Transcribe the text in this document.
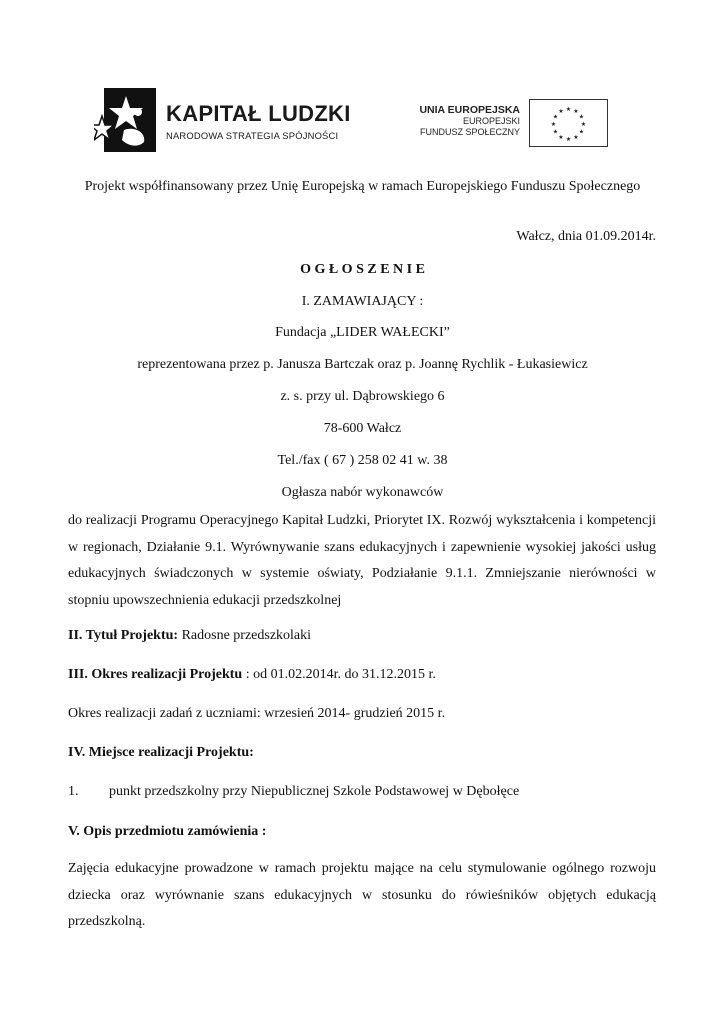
KAPITAŁ LUDZKI
NARODOWA STRATEGIA SPÓJNOŚCI
UNIA EUROPEJSKA
EUROPEJSKI
FUNDUSZ SPOŁECZNY
★ ★
★
★
★
★
★
★
★
★
★
★
Projekt współfinansowany przez Unię Europejską w ramach Europejskiego Funduszu Społecznego
Wałcz, dnia 01.09.2014r.
O G Ł O S Z E N I E
I. ZAMAWIAJĄCY :
Fundacja „LIDER WAŁECKI”
reprezentowana przez p. Janusza Bartczak oraz p. Joannę Rychlik - Łukasiewicz
z. s. przy ul. Dąbrowskiego 6
78-600 Wałcz
Tel./fax ( 67 ) 258 02 41 w. 38
Ogłasza nabór wykonawców
do realizacji Programu Operacyjnego Kapitał Ludzki, Priorytet IX. Rozwój wykształcenia i kompetencji w regionach, Działanie 9.1. Wyrównywanie szans edukacyjnych i zapewnienie wysokiej jakości usług edukacyjnych świadczonych w systemie oświaty, Podziałanie 9.1.1. Zmniejszanie nierówności w stopniu upowszechnienia edukacji przedszkolnej
II. Tytuł Projektu: Radosne przedszkolaki
III. Okres realizacji Projektu : od 01.02.2014r. do 31.12.2015 r.
Okres realizacji zadań z uczniami: wrzesień 2014- grudzień 2015 r.
IV. Miejsce realizacji Projektu:
1. punkt przedszkolny przy Niepublicznej Szkole Podstawowej w Dębołęce
V. Opis przedmiotu zamówienia :
Zajęcia edukacyjne prowadzone w ramach projektu mające na celu stymulowanie ogólnego rozwoju dziecka oraz wyrównanie szans edukacyjnych w stosunku do rówieśników objętych edukacją przedszkolną.
